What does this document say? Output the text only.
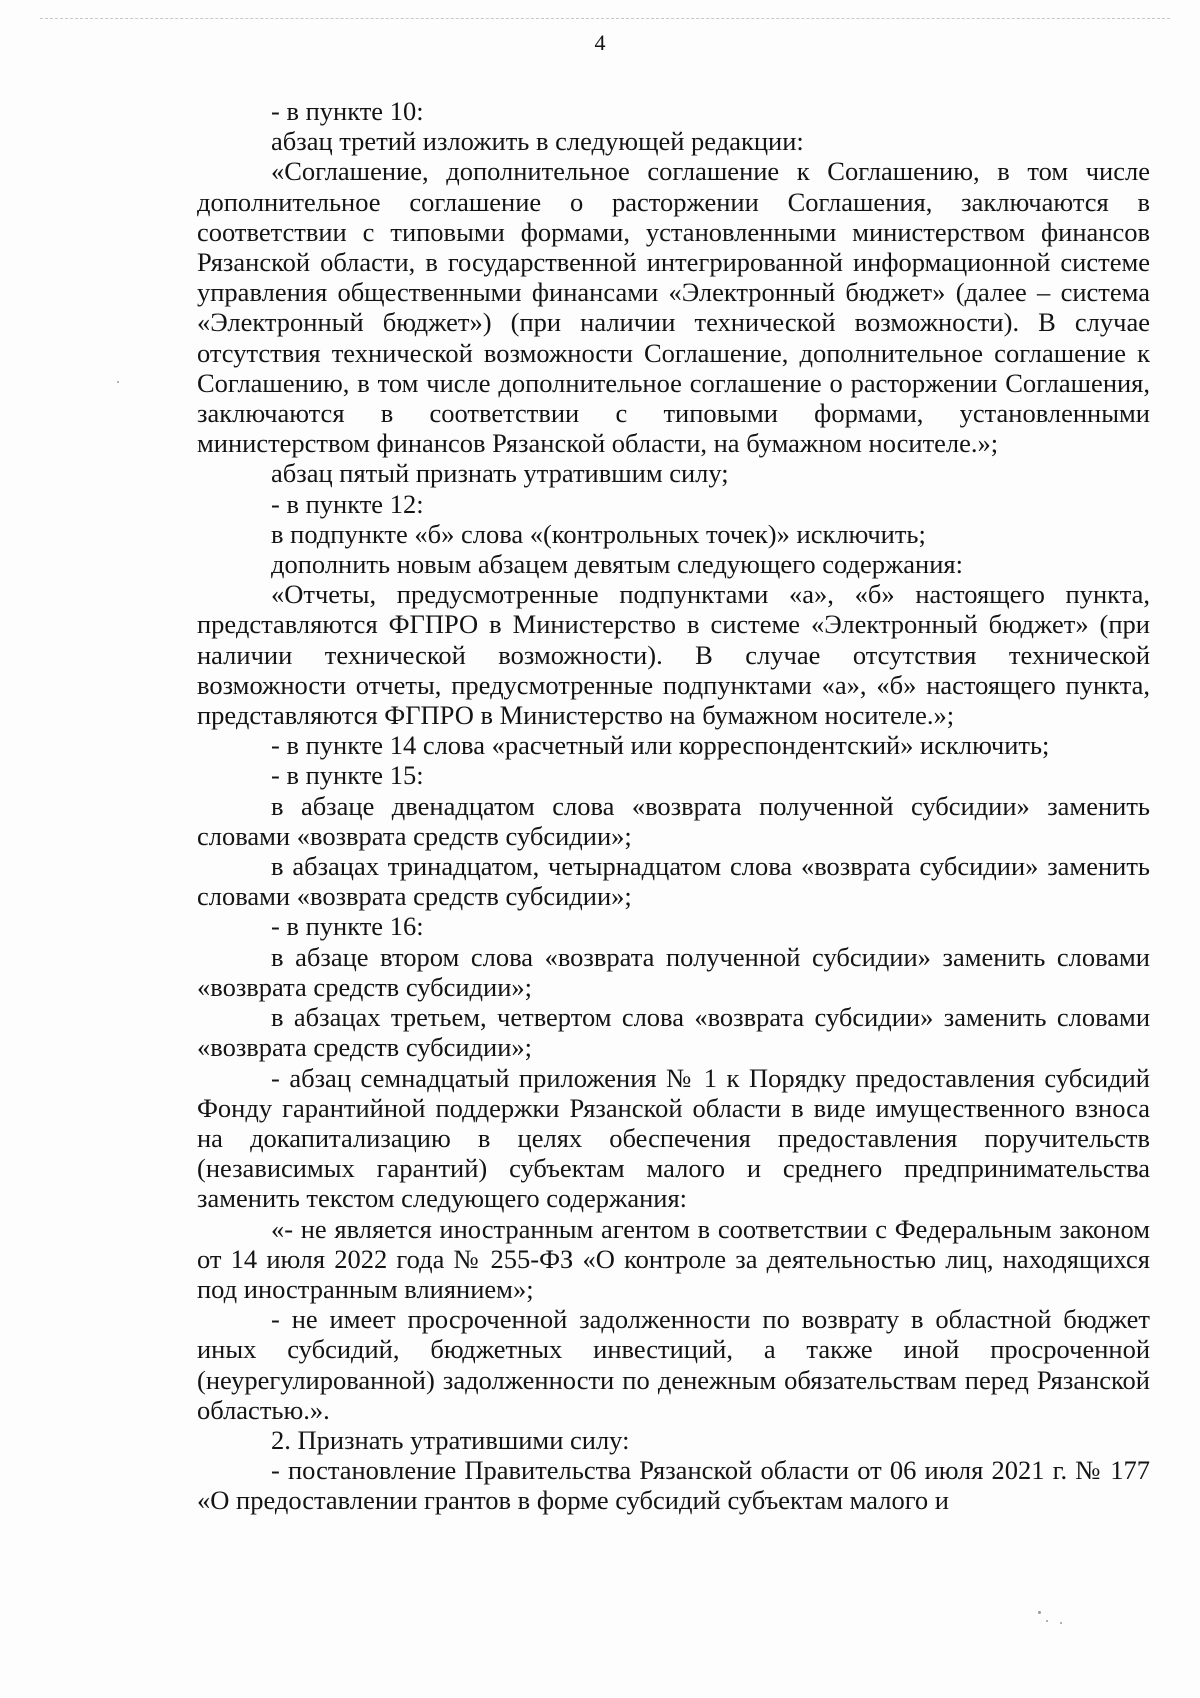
4

- в пункте 10:

абзац третий изложить в следующей редакции:

«Соглашение, дополнительное соглашение к Соглашению, в том числе дополнительное соглашение о расторжении Соглашения, заключаются в соответствии с типовыми формами, установленными министерством финансов Рязанской области, в государственной интегрированной информационной системе управления общественными финансами «Электронный бюджет» (далее – система «Электронный бюджет») (при наличии технической возможности). В случае отсутствия технической возможности Соглашение, дополнительное соглашение к Соглашению, в том числе дополнительное соглашение о расторжении Соглашения, заключаются в соответствии с типовыми формами, установленными министерством финансов Рязанской области, на бумажном носителе.»;

абзац пятый признать утратившим силу;

- в пункте 12:

в подпункте «б» слова «(контрольных точек)» исключить;

дополнить новым абзацем девятым следующего содержания:

«Отчеты, предусмотренные подпунктами «а», «б» настоящего пункта, представляются ФГПРО в Министерство в системе «Электронный бюджет» (при наличии технической возможности). В случае отсутствия технической возможности отчеты, предусмотренные подпунктами «а», «б» настоящего пункта, представляются ФГПРО в Министерство на бумажном носителе.»;

- в пункте 14 слова «расчетный или корреспондентский» исключить;

- в пункте 15:

в абзаце двенадцатом слова «возврата полученной субсидии» заменить словами «возврата средств субсидии»;

в абзацах тринадцатом, четырнадцатом слова «возврата субсидии» заменить словами «возврата средств субсидии»;

- в пункте 16:

в абзаце втором слова «возврата полученной субсидии» заменить словами «возврата средств субсидии»;

в абзацах третьем, четвертом слова «возврата субсидии» заменить словами «возврата средств субсидии»;

- абзац семнадцатый приложения № 1 к Порядку предоставления субсидий Фонду гарантийной поддержки Рязанской области в виде имущественного взноса на докапитализацию в целях обеспечения предоставления поручительств (независимых гарантий) субъектам малого и среднего предпринимательства заменить текстом следующего содержания:

«- не является иностранным агентом в соответствии с Федеральным законом от 14 июля 2022 года № 255-ФЗ «О контроле за деятельностью лиц, находящихся под иностранным влиянием»;

- не имеет просроченной задолженности по возврату в областной бюджет иных субсидий, бюджетных инвестиций, а также иной просроченной (неурегулированной) задолженности по денежным обязательствам перед Рязанской областью.».

2. Признать утратившими силу:

- постановление Правительства Рязанской области от 06 июля 2021 г. № 177 «О предоставлении грантов в форме субсидий субъектам малого и
